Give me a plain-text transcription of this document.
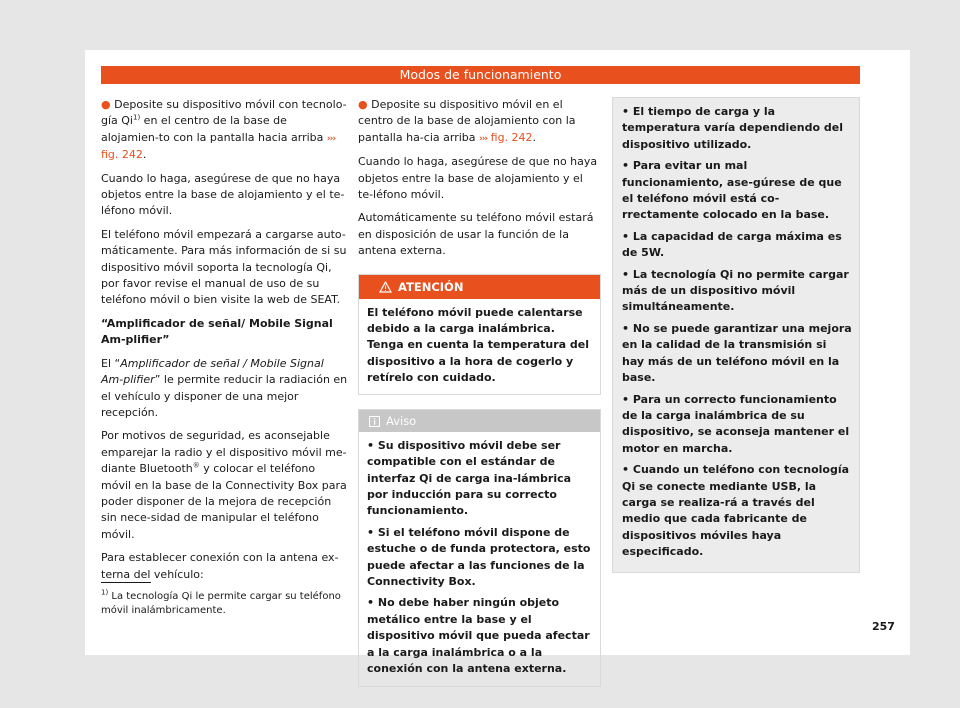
Modos de funcionamiento

● Deposite su dispositivo móvil con tecnolo-gía Qi$^{1)}$ en el centro de la base de alojamien-to con la pantalla hacia arriba ››› fig. 242.

Cuando lo haga, asegúrese de que no haya objetos entre la base de alojamiento y el te-léfono móvil.

El teléfono móvil empezará a cargarse auto-máticamente. Para más información de si su dispositivo móvil soporta la tecnología Qi, por favor revise el manual de uso de su teléfono móvil o bien visite la web de SEAT.

“Amplificador de señal/ Mobile Signal Am-plifier”

El “Amplificador de señal / Mobile Signal Am-plifier” le permite reducir la radiación en el vehículo y disponer de una mejor recepción.

Por motivos de seguridad, es aconsejable emparejar la radio y el dispositivo móvil me-diante Bluetooth® y colocar el teléfono móvil en la base de la Connectivity Box para poder disponer de la mejora de recepción sin nece-sidad de manipular el teléfono móvil.

Para establecer conexión con la antena ex-terna del vehículo:

● Deposite su dispositivo móvil en el centro de la base de alojamiento con la pantalla ha-cia arriba ››› fig. 242.

Cuando lo haga, asegúrese de que no haya objetos entre la base de alojamiento y el te-léfono móvil.

Automáticamente su teléfono móvil estará en disposición de usar la función de la antena externa.

ATENCIÓN
El teléfono móvil puede calentarse debido a la carga inalámbrica. Tenga en cuenta la temperatura del dispositivo a la hora de cogerlo y retírelo con cuidado.
Aviso

• Su dispositivo móvil debe ser compatible con el estándar de interfaz Qi de carga ina-lámbrica por inducción para su correcto funcionamiento.

• Si el teléfono móvil dispone de estuche o de funda protectora, esto puede afectar a las funciones de la Connectivity Box.

• No debe haber ningún objeto metálico entre la base y el dispositivo móvil que pueda afectar a la carga inalámbrica o a la conexión con la antena externa.

• El tiempo de carga y la temperatura varía dependiendo del dispositivo utilizado.

• Para evitar un mal funcionamiento, ase-gúrese de que el teléfono móvil está co-rrectamente colocado en la base.

• La capacidad de carga máxima es de 5W.

• La tecnología Qi no permite cargar más de un dispositivo móvil simultáneamente.

• No se puede garantizar una mejora en la calidad de la transmisión si hay más de un teléfono móvil en la base.

• Para un correcto funcionamiento de la carga inalámbrica de su dispositivo, se aconseja mantener el motor en marcha.

• Cuando un teléfono con tecnología Qi se conecte mediante USB, la carga se realiza-rá a través del medio que cada fabricante de dispositivos móviles haya especificado.

$^{1)}$ La tecnología Qi le permite cargar su teléfono móvil inalámbricamente.
257
